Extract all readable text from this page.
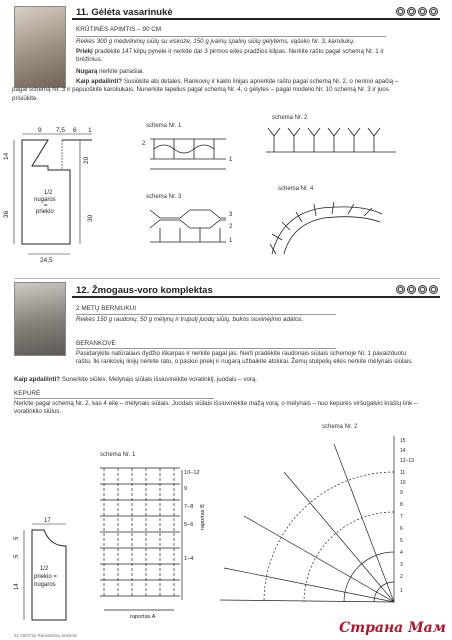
11. Gėlėta vasarinukė
KRŪTINĖS APIMTIS – 90 CM
Reikės 300 g medvilninių siūlų su viskoze, 150 g įvairių spalvų siūlų gėlytėms, vąšelio Nr. 3, karoliukų.
Priekį pradėkite 147 kilpų pynele ir nerkite dar 3 pirmos eilės pradžios kilpas. Nerkite raštu pagal schemą Nr. 1 ir brėžinius.
Nugarą nerkite panašiai.
Kaip apdailinti? Susiūkite abi detales. Rankovių ir kaklo linijas apnerkite raštu pagal schemą Nr. 2, o nerinio apačią – pagal schemą Nr. 3 ir papuoškite karoliukais. Nunerkite lapelius pagal schemą Nr. 4, o gėlytes – pagal modelio Nr. 10 schemą Nr. 3 ir juos prisiūkite.
9 7,5 6 1
14
20
1/2
nugaros
=
priekio
36
30
24,5
schema Nr. 1
2
1
schema Nr. 3
3
2
1
schema Nr. 2
schema Nr. 4
12. Žmogaus-voro komplektas
2 METŲ BERNIUKUI
Reikės 150 g raudonų, 50 g mėlynų ir truputį juodų siūlų, bukos siuvinėjimo adatos.
BERANKOVĖ
Pasidarykite natūralaus dydžio iškarpas ir nerkite pagal jas. Nerti pradėkite raudonais siūlais schemoje Nr. 1 pavaizduotu raštu. Iki rankovių linijų nerkite ratu, o paskui priekį ir nugarą užbaikite atskirai. Žemų stulpelių eilės nerkite mėlynais siūlais.
Kaip apdailinti? Sunerkite siūles. Mėlynais siūlais išsiuvinėkite voratinklį, juodais – vorą.
KEPURĖ
Nerkite pagal schemą Nr. 2, kas 4 eilę – mėlynais siūlais. Juodais siūlais išsiuvinėkite mažą vorą, o mėlynais – nuo kepurės viršugalvio kraštų link – voratinklio siūlus.
schema Nr. 1
10–12
9
7–8
5–6
1–4
raportas B
raportas A
17
5
5
14
1/2
priekio =
nugaros
schema Nr. 2
15
14
12–13
11
10
9
8
7
6
5
4
3
2
1
32 2007/3s Rankdarbių krašelis	Страна Мам
